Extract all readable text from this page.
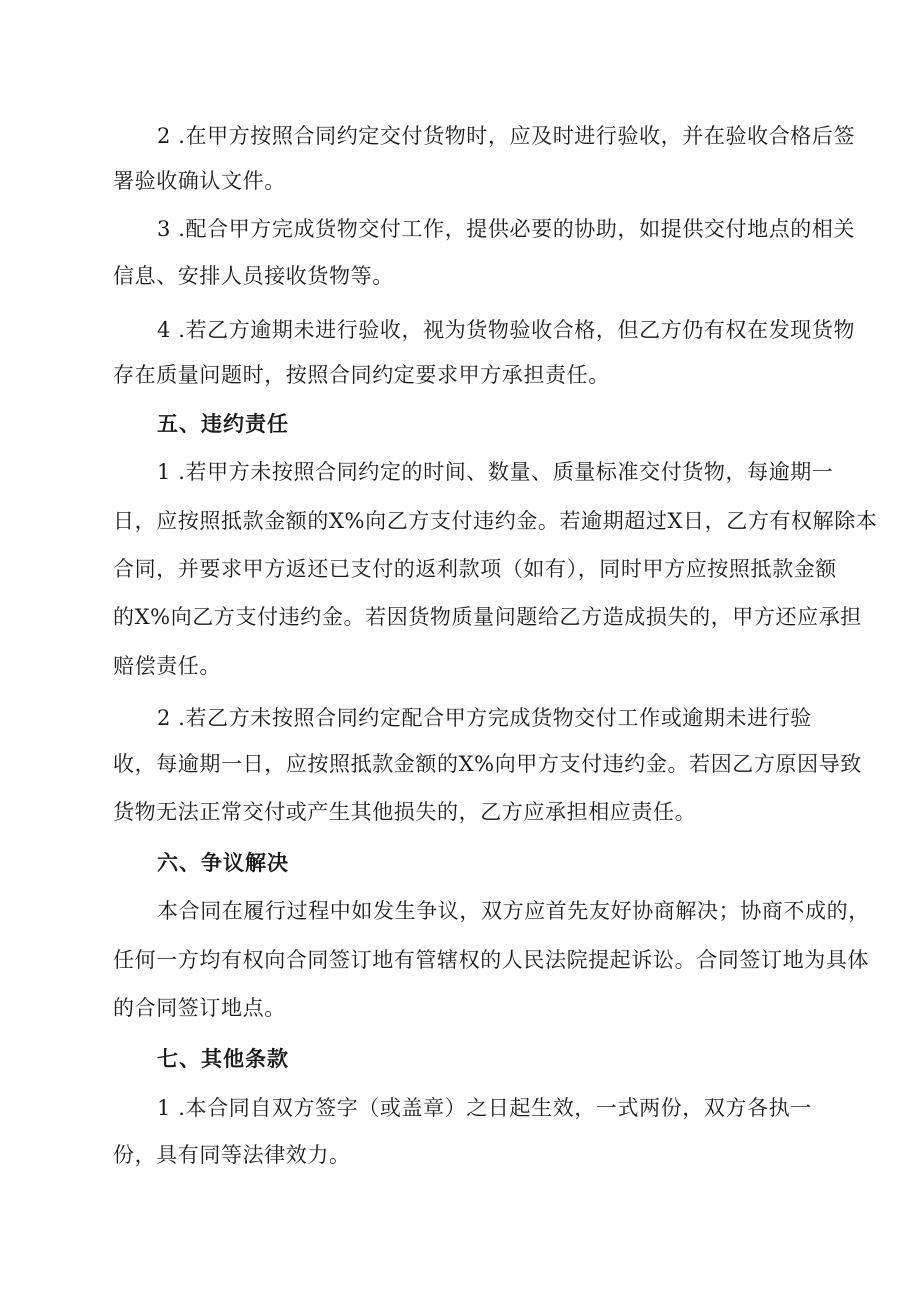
2 .在甲方按照合同约定交付货物时，应及时进行验收，并在验收合格后签
署验收确认文件。
3 .配合甲方完成货物交付工作，提供必要的协助，如提供交付地点的相关
信息、安排人员接收货物等。
4 .若乙方逾期未进行验收，视为货物验收合格，但乙方仍有权在发现货物
存在质量问题时，按照合同约定要求甲方承担责任。
五、违约责任
1 .若甲方未按照合同约定的时间、数量、质量标准交付货物，每逾期一
日，应按照抵款金额的X%向乙方支付违约金。若逾期超过X日，乙方有权解除本
合同，并要求甲方返还已支付的返利款项（如有），同时甲方应按照抵款金额
的X%向乙方支付违约金。若因货物质量问题给乙方造成损失的，甲方还应承担
赔偿责任。
2 .若乙方未按照合同约定配合甲方完成货物交付工作或逾期未进行验
收，每逾期一日，应按照抵款金额的X%向甲方支付违约金。若因乙方原因导致
货物无法正常交付或产生其他损失的，乙方应承担相应责任。
六、争议解决
本合同在履行过程中如发生争议，双方应首先友好协商解决；协商不成的，
任何一方均有权向合同签订地有管辖权的人民法院提起诉讼。合同签订地为具体
的合同签订地点。
七、其他条款
1 .本合同自双方签字（或盖章）之日起生效，一式两份，双方各执一
份，具有同等法律效力。
